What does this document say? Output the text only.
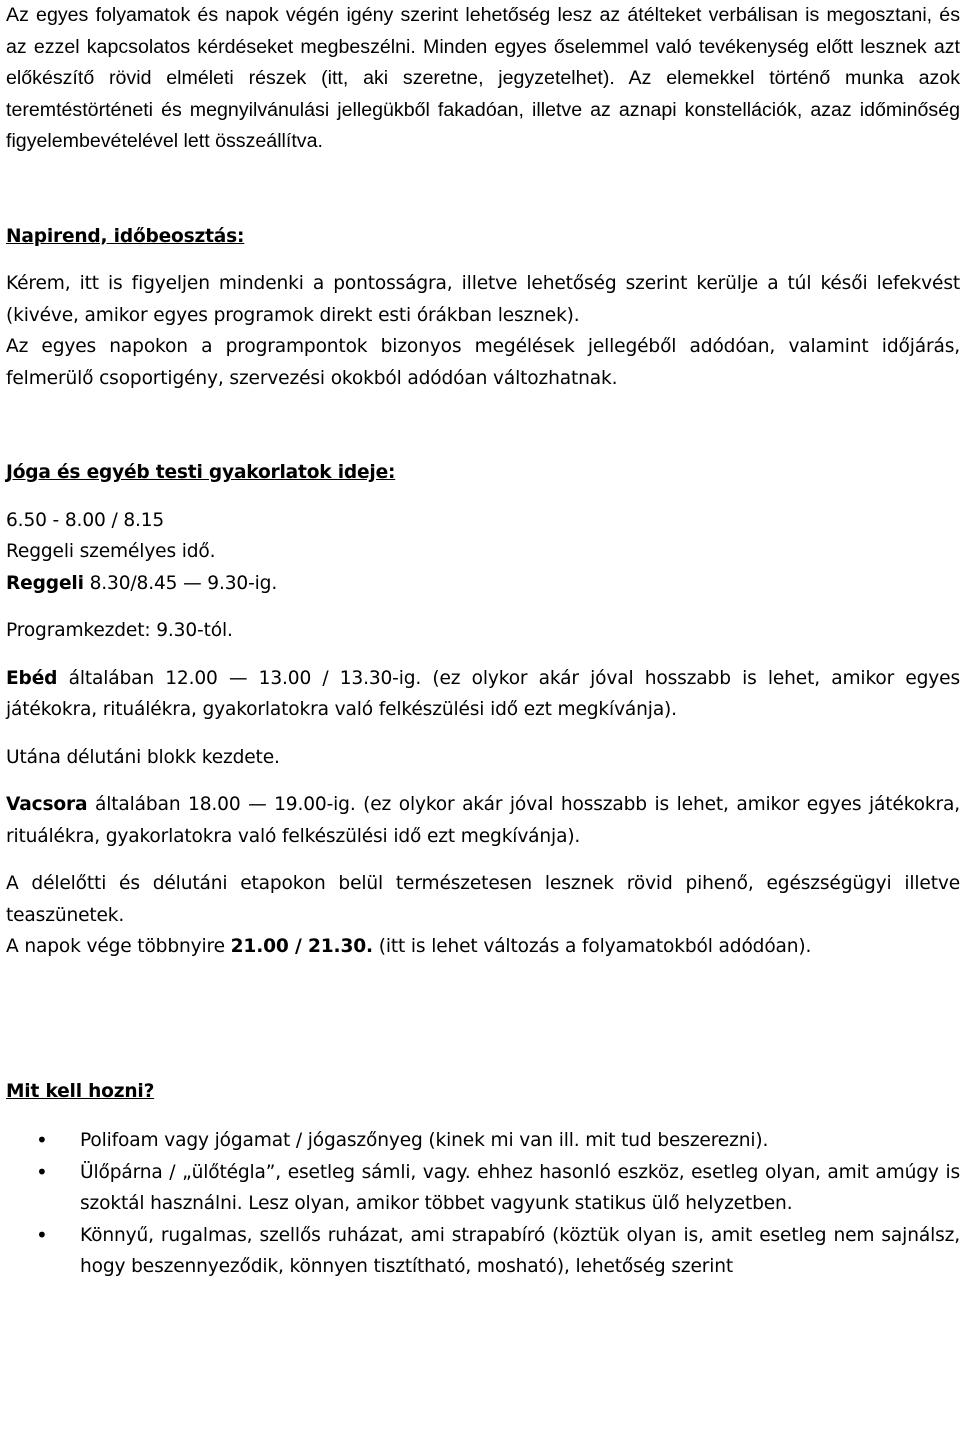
Az egyes folyamatok és napok végén igény szerint lehetőség lesz az átélteket verbálisan is megosztani, és az ezzel kapcsolatos kérdéseket megbeszélni. Minden egyes őselemmel való tevékenység előtt lesznek azt előkészítő rövid elméleti részek (itt, aki szeretne, jegyzetelhet). Az elemekkel történő munka azok teremtéstörténeti és megnyilvánulási jellegükből fakadóan, illetve az aznapi konstellációk, azaz időminőség figyelembevételével lett összeállítva.

Napirend, időbeosztás:

Kérem, itt is figyeljen mindenki a pontosságra, illetve lehetőség szerint kerülje a túl késői lefekvést (kivéve, amikor egyes programok direkt esti órákban lesznek).

Az egyes napokon a programpontok bizonyos megélések jellegéből adódóan, valamint időjárás, felmerülő csoportigény, szervezési okokból adódóan változhatnak.

Jóga és egyéb testi gyakorlatok ideje:

6.50 - 8.00 / 8.15

Reggeli személyes idő.

Reggeli 8.30/8.45 — 9.30-ig.

Programkezdet: 9.30-tól.

Ebéd általában 12.00 — 13.00 / 13.30-ig. (ez olykor akár jóval hosszabb is lehet, amikor egyes játékokra, rituálékra, gyakorlatokra való felkészülési idő ezt megkívánja).

Utána délutáni blokk kezdete.

Vacsora általában 18.00 — 19.00-ig. (ez olykor akár jóval hosszabb is lehet, amikor egyes játékokra, rituálékra, gyakorlatokra való felkészülési idő ezt megkívánja).

A délelőtti és délutáni etapokon belül természetesen lesznek rövid pihenő, egészségügyi illetve teaszünetek.

A napok vége többnyire 21.00 / 21.30. (itt is lehet változás a folyamatokból adódóan).

Mit kell hozni?

• Polifoam vagy jógamat / jógaszőnyeg (kinek mi van ill. mit tud beszerezni).
• Ülőpárna / „ülőtégla”, esetleg sámli, vagy. ehhez hasonló eszköz, esetleg olyan, amit amúgy is szoktál használni. Lesz olyan, amikor többet vagyunk statikus ülő helyzetben.
• Könnyű, rugalmas, szellős ruházat, ami strapabíró (köztük olyan is, amit esetleg nem sajnálsz, hogy beszennyeződik, könnyen tisztítható, mosható), lehetőség szerint
